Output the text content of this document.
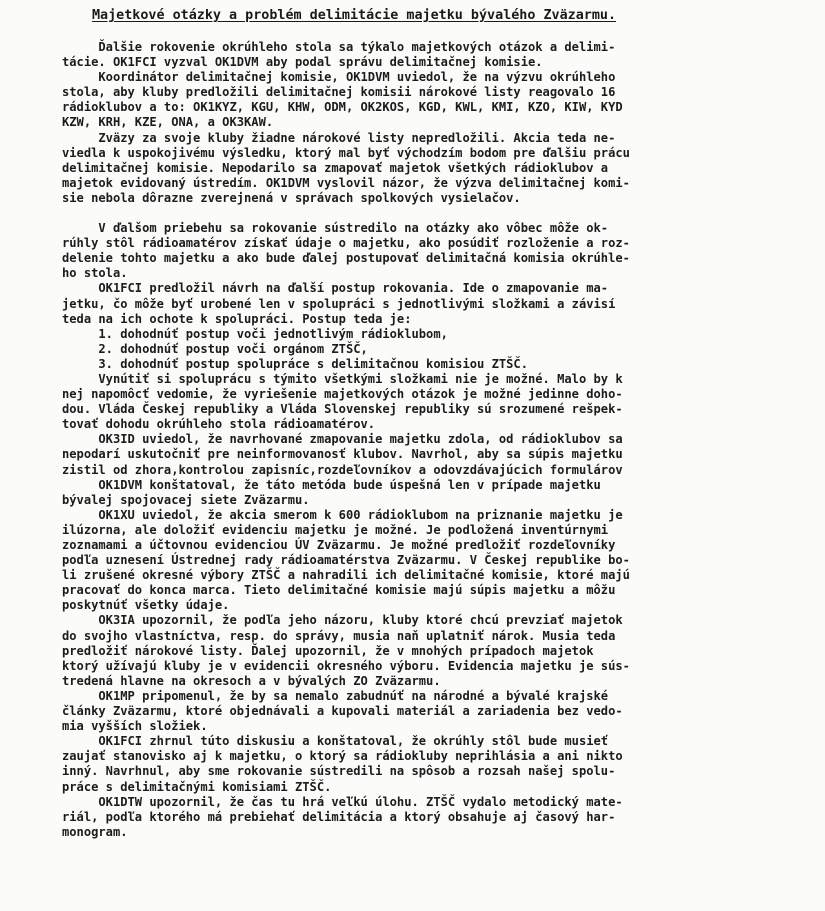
Majetkové otázky a problém delimitácie majetku bývalého Zväzarmu.

Ďalšie rokovenie okrúhleho stola sa týkalo majetkových otázok a delimi-
tácie. OK1FCI vyzval OK1DVM aby podal správu delimitačnej komisie.

Koordinátor delimitačnej komisie, OK1DVM uviedol, že na výzvu okrúhleho
stola, aby kluby predložili delimitačnej komisii nárokové listy reagovalo 16
rádioklubov a to: OK1KYZ, KGU, KHW, ODM, OK2KOS, KGD, KWL, KMI, KZO, KIW, KYD
KZW, KRH, KZE, ONA, a OK3KAW.

Zväzy za svoje kluby žiadne nárokové listy nepredložili. Akcia teda ne-
viedla k uspokojivému výsledku, ktorý mal byť východzím bodom pre ďalšiu prácu
delimitačnej komisie. Nepodarilo sa zmapovať majetok všetkých rádioklubov a
majetok evidovaný ústredím. OK1DVM vyslovil názor, že výzva delimitačnej komi-
sie nebola dôrazne zverejnená v správach spolkových vysielačov.

V ďalšom priebehu sa rokovanie sústredilo na otázky ako vôbec môže ok-
rúhly stôl rádioamatérov získať údaje o majetku, ako posúdiť rozloženie a roz-
delenie tohto majetku a ako bude ďalej postupovať delimitačná komisia okrúhle-
ho stola.

OK1FCI predložil návrh na ďalší postup rokovania. Ide o zmapovanie ma-
jetku, čo môže byť urobené len v spolupráci s jednotlivými složkami a závisí
teda na ich ochote k spolupráci. Postup teda je:
1. dohodnúť postup voči jednotlivým rádioklubom,
2. dohodnúť postup voči orgánom ZTŠČ,
3. dohodnúť postup spolupráce s delimitačnou komisiou ZTŠČ.

Vynútiť si spoluprácu s týmito všetkými složkami nie je možné. Malo by k
nej napomôcť vedomie, že vyriešenie majetkových otázok je možné jedinne doho-
dou. Vláda Českej republiky a Vláda Slovenskej republiky sú srozumené rešpek-
tovať dohodu okrúhleho stola rádioamatérov.

OK3ID uviedol, že navrhované zmapovanie majetku zdola, od rádioklubov sa
nepodarí uskutočniť pre neinformovanosť klubov. Navrhol, aby sa súpis majetku
zistil od zhora,kontrolou zapisníc,rozdeľovníkov a odovzdávajúcich formulárov

OK1DVM konštatoval, že táto metóda bude úspešná len v prípade majetku
bývalej spojovacej siete Zväzarmu.

OK1XU uviedol, že akcia smerom k 600 rádioklubom na priznanie majetku je
ilúzorna, ale doložiť evidenciu majetku je možné. Je podložená inventúrnymi
zoznamami a účtovnou evidenciou ÚV Zväzarmu. Je možné predložiť rozdeľovníky
podľa uznesení Ústrednej rady rádioamatérstva Zväzarmu. V Českej republike bo-
li zrušené okresné výbory ZTŠČ a nahradili ich delimitačné komisie, ktoré majú
pracovať do konca marca. Tieto delimitačné komisie majú súpis majetku a môžu
poskytnúť všetky údaje.

OK3IA upozornil, že podľa jeho názoru, kluby ktoré chcú prevziať majetok
do svojho vlastníctva, resp. do správy, musia naň uplatniť nárok. Musia teda
predložiť nárokové listy. Ďalej upozornil, že v mnohých prípadoch majetok
ktorý užívajú kluby je v evidencii okresného výboru. Evidencia majetku je sús-
tredená hlavne na okresoch a v bývalých ZO Zväzarmu.

OK1MP pripomenul, že by sa nemalo zabudnúť na národné a bývalé krajské
články Zväzarmu, ktoré objednávali a kupovali materiál a zariadenia bez vedo-
mia vyšších složiek.

OK1FCI zhrnul túto diskusiu a konštatoval, že okrúhly stôl bude musieť
zaujať stanovisko aj k majetku, o ktorý sa rádiokluby neprihlásia a ani nikto
inný. Navrhnul, aby sme rokovanie sústredili na spôsob a rozsah našej spolu-
práce s delimitačnými komisiami ZTŠČ.

OK1DTW upozornil, že čas tu hrá veľkú úlohu. ZTŠČ vydalo metodický mate-
riál, podľa ktorého má prebiehať delimitácia a ktorý obsahuje aj časový har-
monogram.
